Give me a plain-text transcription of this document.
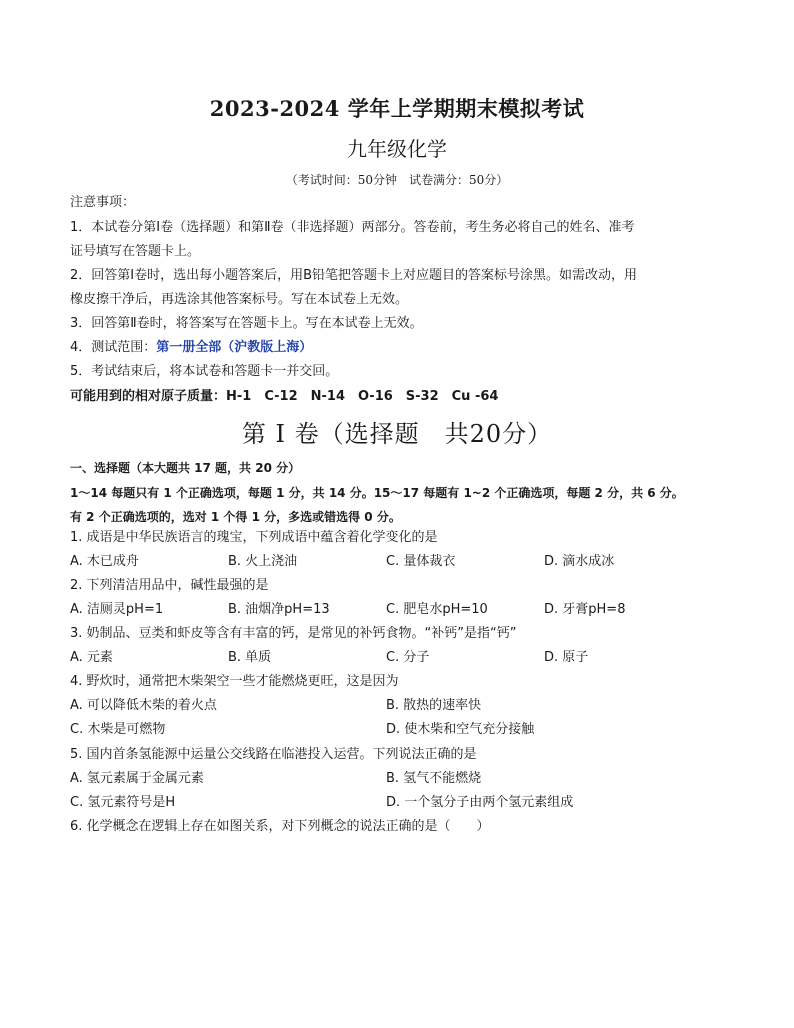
2023-2024 学年上学期期末模拟考试
九年级化学
（考试时间：50分钟　试卷满分：50分）
注意事项：
1．本试卷分第Ⅰ卷（选择题）和第Ⅱ卷（非选择题）两部分。答卷前，考生务必将自己的姓名、准考
证号填写在答题卡上。
2．回答第Ⅰ卷时，选出每小题答案后，用B铅笔把答题卡上对应题目的答案标号涂黑。如需改动，用
橡皮擦干净后，再选涂其他答案标号。写在本试卷上无效。
3．回答第Ⅱ卷时，将答案写在答题卡上。写在本试卷上无效。
4．测试范围：第一册全部（沪教版上海）
5．考试结束后，将本试卷和答题卡一并交回。
可能用到的相对原子质量：H-1　C-12　N-14　O-16　S-32　Cu -64
第 I 卷（选择题　共20分）
一、选择题（本大题共 17 题，共 20 分）
1～14 每题只有 1 个正确选项，每题 1 分，共 14 分。15～17 每题有 1~2 个正确选项，每题 2 分，共 6 分。
有 2 个正确选项的，选对 1 个得 1 分，多选或错选得 0 分。
1. 成语是中华民族语言的瑰宝，下列成语中蕴含着化学变化的是
A. 木已成舟	B. 火上浇油	C. 量体裁衣	D. 滴水成冰
2. 下列清洁用品中，碱性最强的是
A. 洁厕灵pH=1	B. 油烟净pH=13	C. 肥皂水pH=10	D. 牙膏pH=8
3. 奶制品、豆类和虾皮等含有丰富的钙，是常见的补钙食物。“补钙”是指“钙”
A. 元素	B. 单质	C. 分子	D. 原子
4. 野炊时，通常把木柴架空一些才能燃烧更旺，这是因为
A. 可以降低木柴的着火点	B. 散热的速率快
C. 木柴是可燃物	D. 使木柴和空气充分接触
5. 国内首条氢能源中运量公交线路在临港投入运营。下列说法正确的是
A. 氢元素属于金属元素	B. 氢气不能燃烧
C. 氢元素符号是H	D. 一个氢分子由两个氢元素组成
6. 化学概念在逻辑上存在如图关系，对下列概念的说法正确的是（　　）
